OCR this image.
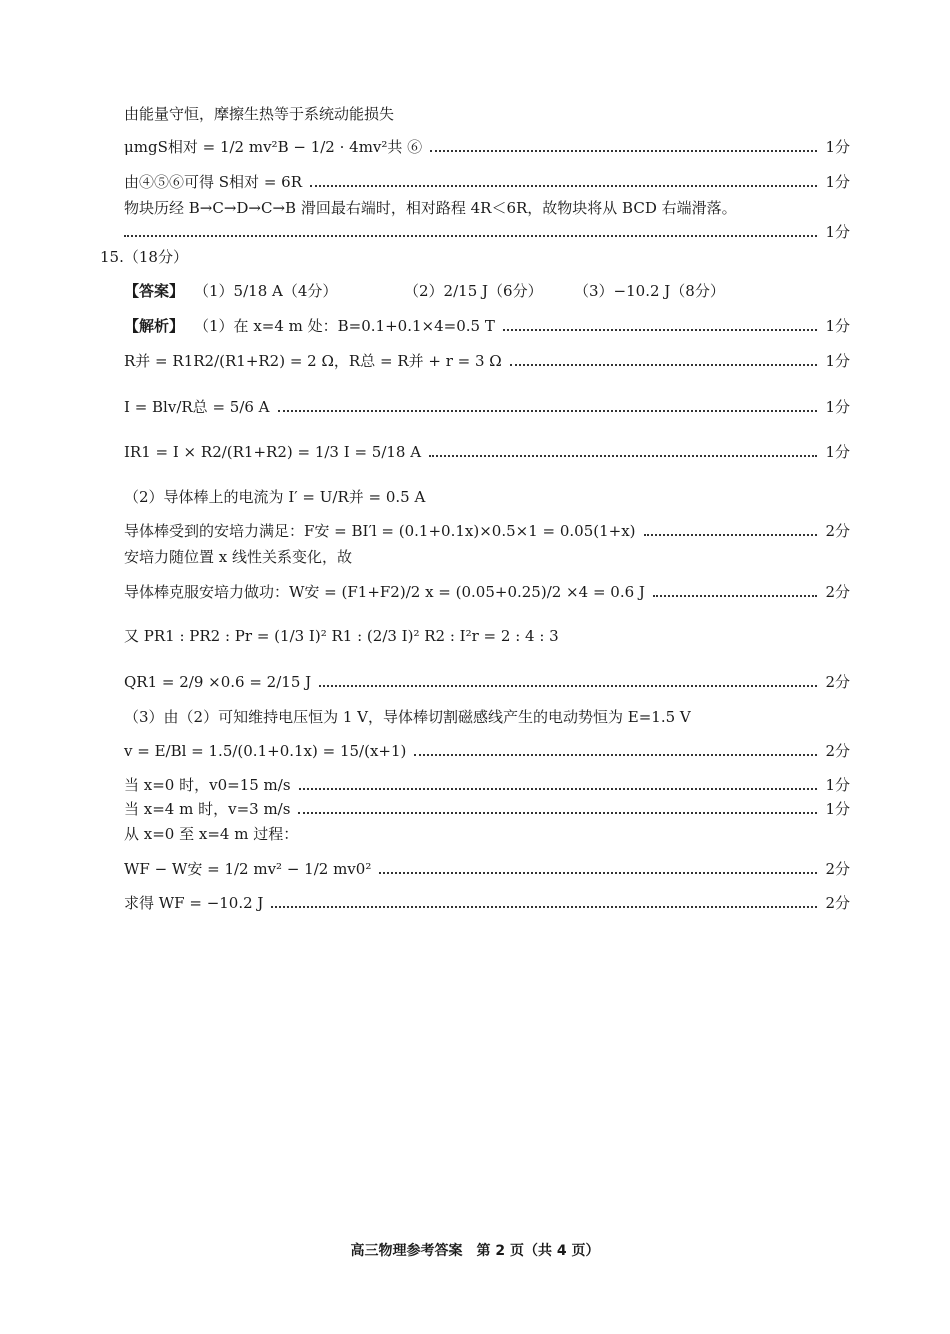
由能量守恒，摩擦生热等于系统动能损失
μmgS相对 = 1/2 mv²B − 1/2 · 4mv²共 ⑥	1分
由④⑤⑥可得 S相对 = 6R	1分
物块历经 B→C→D→C→B 滑回最右端时，相对路程 4R＜6R，故物块将从 BCD 右端滑落。
1分
15.（18分）
【答案】 （1）5/18 A（4分）	（2）2/15 J（6分）	（3）−10.2 J（8分）
【解析】 （1）在 x=4 m 处：B=0.1+0.1×4=0.5 T	1分
R并 = R1R2/(R1+R2) = 2 Ω，R总 = R并 + r = 3 Ω	1分
I = Blv/R总 = 5/6 A	1分
IR1 = I × R2/(R1+R2) = 1/3 I = 5/18 A	1分
（2）导体棒上的电流为 I′ = U/R并 = 0.5 A
导体棒受到的安培力满足：F安 = BI′l = (0.1+0.1x)×0.5×1 = 0.05(1+x)	2分
安培力随位置 x 线性关系变化，故
导体棒克服安培力做功：W安 = (F1+F2)/2 x = (0.05+0.25)/2 ×4 = 0.6 J	2分
又 PR1 : PR2 : Pr = (1/3 I)² R1 : (2/3 I)² R2 : I²r = 2 : 4 : 3
QR1 = 2/9 ×0.6 = 2/15 J	2分
（3）由（2）可知维持电压恒为 1 V，导体棒切割磁感线产生的电动势恒为 E=1.5 V
v = E/Bl = 1.5/(0.1+0.1x) = 15/(x+1)	2分
当 x=0 时，v0=15 m/s	1分
当 x=4 m 时，v=3 m/s	1分
从 x=0 至 x=4 m 过程：
WF − W安 = 1/2 mv² − 1/2 mv0²	2分
求得 WF = −10.2 J	2分
高三物理参考答案　第 2 页（共 4 页）
